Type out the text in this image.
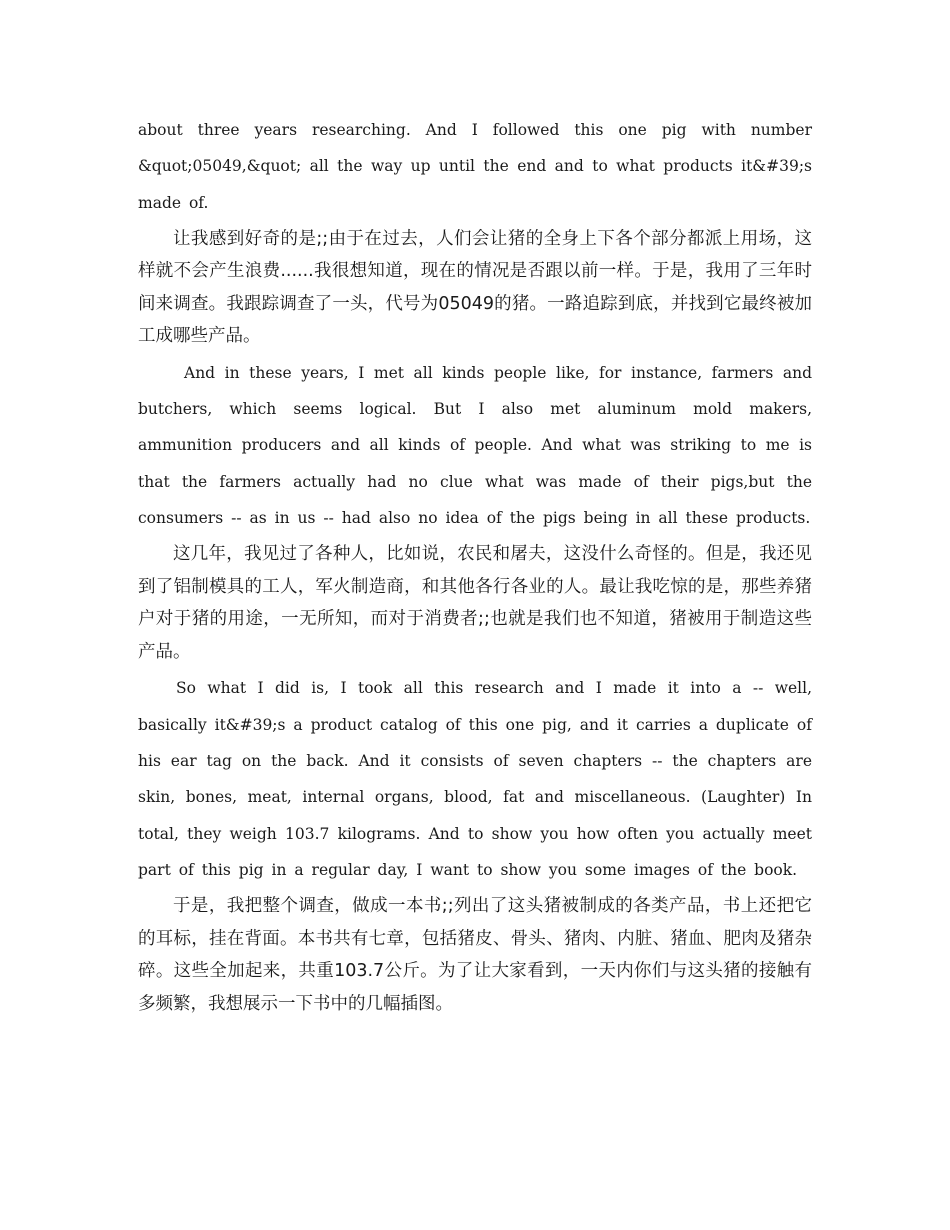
about three years researching. And I followed this one pig with number &quot;05049,&quot; all the way up until the end and to what products it&#39;s made of.

让我感到好奇的是;;由于在过去，人们会让猪的全身上下各个部分都派上用场，这样就不会产生浪费......我很想知道，现在的情况是否跟以前一样。于是，我用了三年时间来调查。我跟踪调查了一头，代号为05049的猪。一路追踪到底，并找到它最终被加工成哪些产品。

And in these years, I met all kinds people like, for instance, farmers and butchers, which seems logical. But I also met aluminum mold makers, ammunition producers and all kinds of people. And what was striking to me is that the farmers actually had no clue what was made of their pigs,but the consumers -- as in us -- had also no idea of the pigs being in all these products.

这几年，我见过了各种人，比如说，农民和屠夫，这没什么奇怪的。但是，我还见到了铝制模具的工人，军火制造商，和其他各行各业的人。最让我吃惊的是，那些养猪户对于猪的用途，一无所知，而对于消费者;;也就是我们也不知道，猪被用于制造这些产品。

So what I did is, I took all this research and I made it into a -- well, basically it&#39;s a product catalog of this one pig, and it carries a duplicate of his ear tag on the back. And it consists of seven chapters -- the chapters are skin, bones, meat, internal organs, blood, fat and miscellaneous. (Laughter) In total, they weigh 103.7 kilograms. And to show you how often you actually meet part of this pig in a regular day, I want to show you some images of the book.

于是，我把整个调查，做成一本书;;列出了这头猪被制成的各类产品，书上还把它的耳标，挂在背面。本书共有七章，包括猪皮、骨头、猪肉、内脏、猪血、肥肉及猪杂碎。这些全加起来，共重103.7公斤。为了让大家看到，一天内你们与这头猪的接触有多频繁，我想展示一下书中的几幅插图。
